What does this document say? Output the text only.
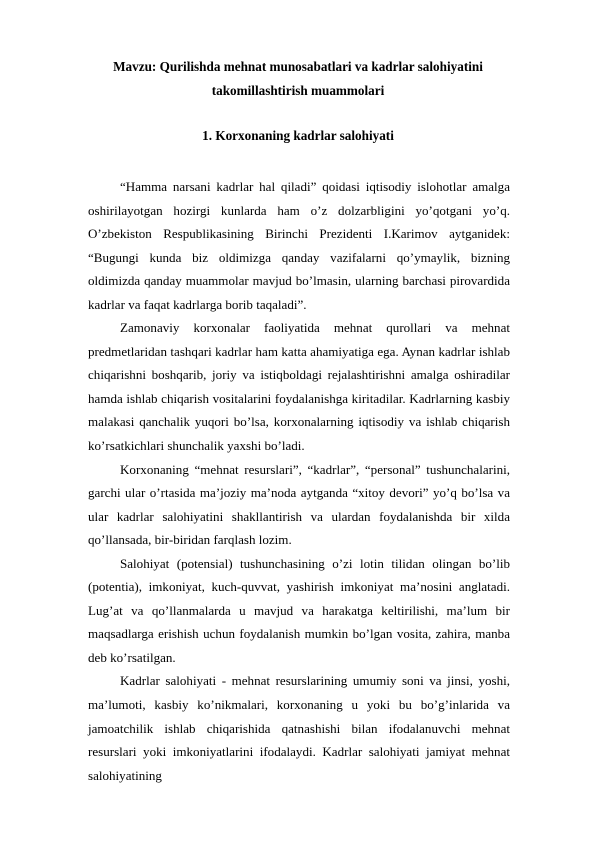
Mavzu: Qurilishda mehnat munosabatlari va kadrlar salohiyatini

takomillashtirish muammolari

1. Korxonaning kadrlar salohiyati

“Hamma narsani kadrlar hal qiladi” qoidasi iqtisodiy islohotlar amalga oshirilayotgan hozirgi kunlarda ham o’z dolzarbligini yo’qotgani yo’q. O’zbekiston Respublikasining Birinchi Prezidenti I.Karimov aytganidek: “Bugungi kunda biz oldimizga qanday vazifalarni qo’ymaylik, bizning oldimizda qanday muammolar mavjud bo’lmasin, ularning barchasi pirovardida kadrlar va faqat kadrlarga borib taqaladi”.

Zamonaviy korxonalar faoliyatida mehnat qurollari va mehnat predmetlaridan tashqari kadrlar ham katta ahamiyatiga ega. Aynan kadrlar ishlab chiqarishni boshqarib, joriy va istiqboldagi rejalashtirishni amalga oshiradilar hamda ishlab chiqarish vositalarini foydalanishga kiritadilar. Kadrlarning kasbiy malakasi qanchalik yuqori bo’lsa, korxonalarning iqtisodiy va ishlab chiqarish ko’rsatkichlari shunchalik yaxshi bo’ladi.

Korxonaning “mehnat resurslari”, “kadrlar”, “personal” tushunchalarini, garchi ular o’rtasida ma’joziy ma’noda aytganda “xitoy devori” yo’q bo’lsa va ular kadrlar salohiyatini shakllantirish va ulardan foydalanishda bir xilda qo’llansada, bir-biridan farqlash lozim.

Salohiyat (potensial) tushunchasining o’zi lotin tilidan olingan bo’lib (potentia), imkoniyat, kuch-quvvat, yashirish imkoniyat ma’nosini anglatadi. Lug’at va qo’llanmalarda u mavjud va harakatga keltirilishi, ma’lum bir maqsadlarga erishish uchun foydalanish mumkin bo’lgan vosita, zahira, manba deb ko’rsatilgan.

Kadrlar salohiyati - mehnat resurslarining umumiy soni va jinsi, yoshi, ma’lumoti, kasbiy ko’nikmalari, korxonaning u yoki bu bo’g’inlarida va jamoatchilik ishlab chiqarishida qatnashishi bilan ifodalanuvchi mehnat resurslari yoki imkoniyatlarini ifodalaydi. Kadrlar salohiyati jamiyat mehnat salohiyatining
